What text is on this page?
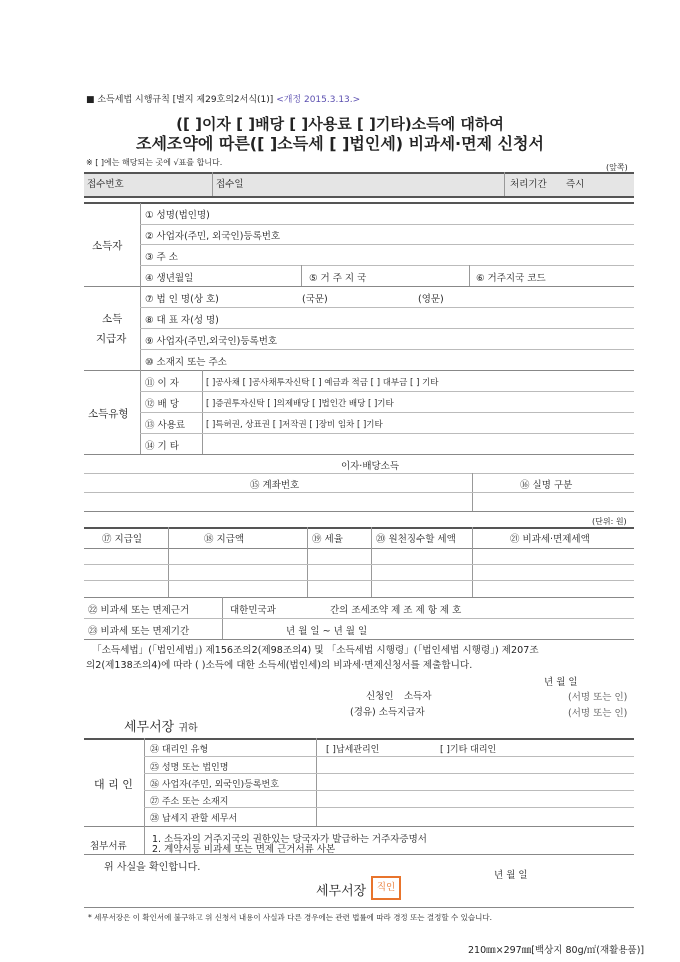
■ 소득세법 시행규칙 [별지 제29호의2서식(1)] <개정 2015.3.13.>
([ ]이자 [ ]배당 [ ]사용료 [ ]기타)소득에 대하여
조세조약에 따른([ ]소득세 [ ]법인세) 비과세·면제 신청서
※ [ ]에는 해당되는 곳에 √표를 합니다.
(앞쪽)
접수번호	접수일	처리기간 즉시
소득자
① 성명(법인명)
② 사업자(주민, 외국인)등록번호
③ 주 소
④ 생년월일	⑤ 거 주 지 국	⑥ 거주지국 코드
소득
지급자
⑦ 법 인 명(상 호)	(국문)	(영문)
⑧ 대 표 자(성 명)
⑨ 사업자(주민,외국인)등록번호
⑩ 소재지 또는 주소
소득유형
⑪ 이 자	[ ]공사채 [ ]공사채투자신탁 [ ] 예금과 적금 [ ] 대부금 [ ] 기타
⑫ 배 당	[ ]증권투자신탁 [ ]의제배당 [ ]법인간 배당 [ ]기타
⑬ 사용료 [ ]특허권, 상표권 [ ]저작권 [ ]장비 임차 [ ]기타
⑭ 기 타
이자·배당소득
⑮ 계좌번호	⑯ 실명 구분
(단위: 원)
⑰ 지급일	⑱ 지급액	⑲ 세율	⑳ 원천징수할 세액	㉑ 비과세·면제세액
㉒ 비과세 또는 면제근거	대한민국과	간의 조세조약 제 조 제 항 제 호
㉓ 비과세 또는 면제기간	년 월 일 ~ 년 월 일
「소득세법」(「법인세법」) 제156조의2(제98조의4) 및 「소득세법 시행령」(「법인세법 시행령」) 제207조
의2(제138조의4)에 따라 ( )소득에 대한 소득세(법인세)의 비과세·면제신청서를 제출합니다.
년 월 일
신청인 소득자	(서명 또는 인)
(경유) 소득지급자	(서명 또는 인)
세무서장 귀하
대 리 인
㉔ 대리인 유형	[ ]납세관리인	[ ]기타 대리인
㉕ 성명 또는 법인명
㉖ 사업자(주민, 외국인)등록번호
㉗ 주소 또는 소재지
㉘ 납세지 관할 세무서
첨부서류
1. 소득자의 거주지국의 권한있는 당국자가 발급하는 거주자증명서
2. 계약서등 비과세 또는 면제 근거서류 사본
위 사실을 확인합니다.
년 월 일
세무서장	직인
* 세무서장은 이 확인서에 불구하고 위 신청서 내용이 사실과 다른 경우에는 관련 법률에 따라 경정 또는 결정할 수 있습니다.
210㎜×297㎜[백상지 80g/㎡(재활용품)]
